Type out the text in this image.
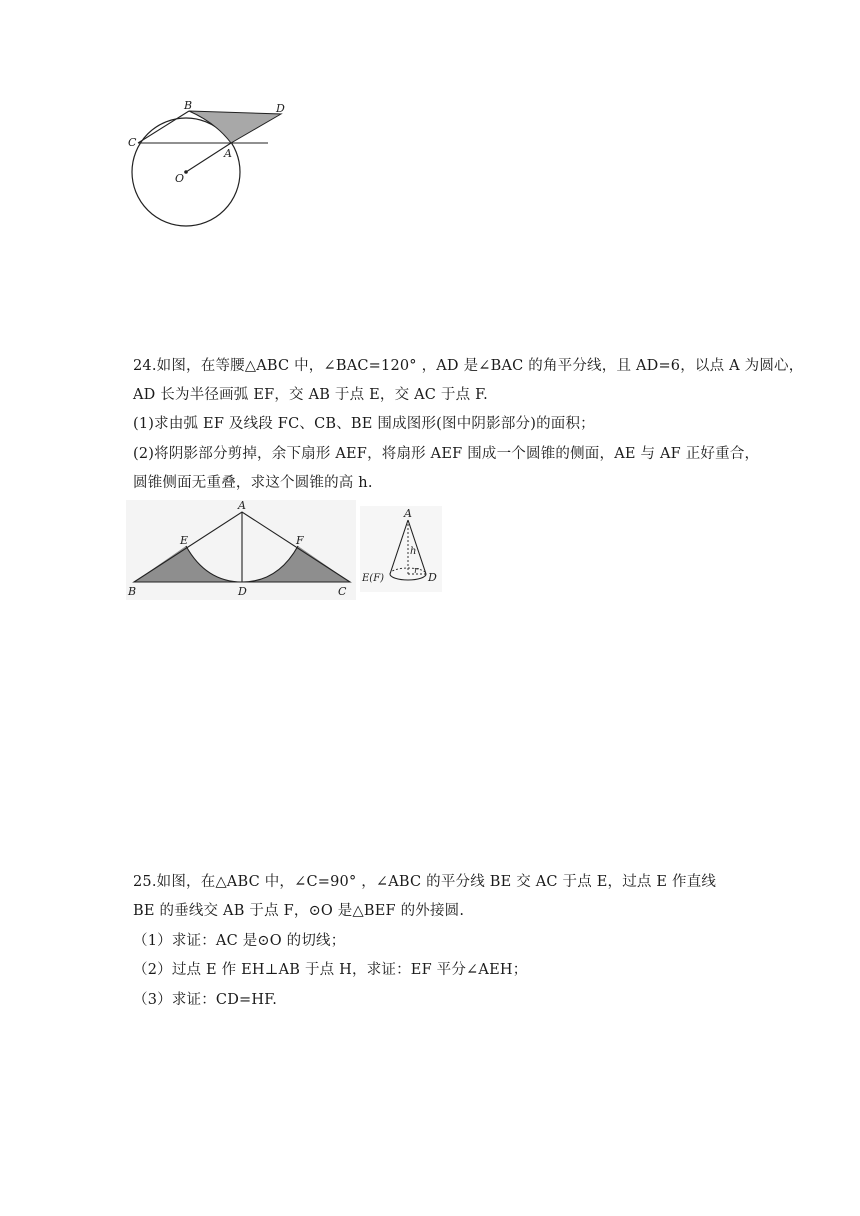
B	D
C
A
O
24.如图，在等腰△ABC 中，∠BAC=120° ，AD 是∠BAC 的角平分线，且 AD=6，以点 A 为圆心，
AD 长为半径画弧 EF，交 AB 于点 E，交 AC 于点 F.
(1)求由弧 EF 及线段 FC、CB、BE 围成图形(图中阴影部分)的面积；
(2)将阴影部分剪掉，余下扇形 AEF，将扇形 AEF 围成一个圆锥的侧面，AE 与 AF 正好重合，
圆锥侧面无重叠，求这个圆锥的高 h.
A
E	F
B	D	C
A
h
r
E(F)	D
25.如图，在△ABC 中，∠C=90° ，∠ABC 的平分线 BE 交 AC 于点 E，过点 E 作直线
BE 的垂线交 AB 于点 F，⊙O 是△BEF 的外接圆.
（1）求证：AC 是⊙O 的切线；
（2）过点 E 作 EH⊥AB 于点 H，求证：EF 平分∠AEH；
（3）求证：CD=HF.
